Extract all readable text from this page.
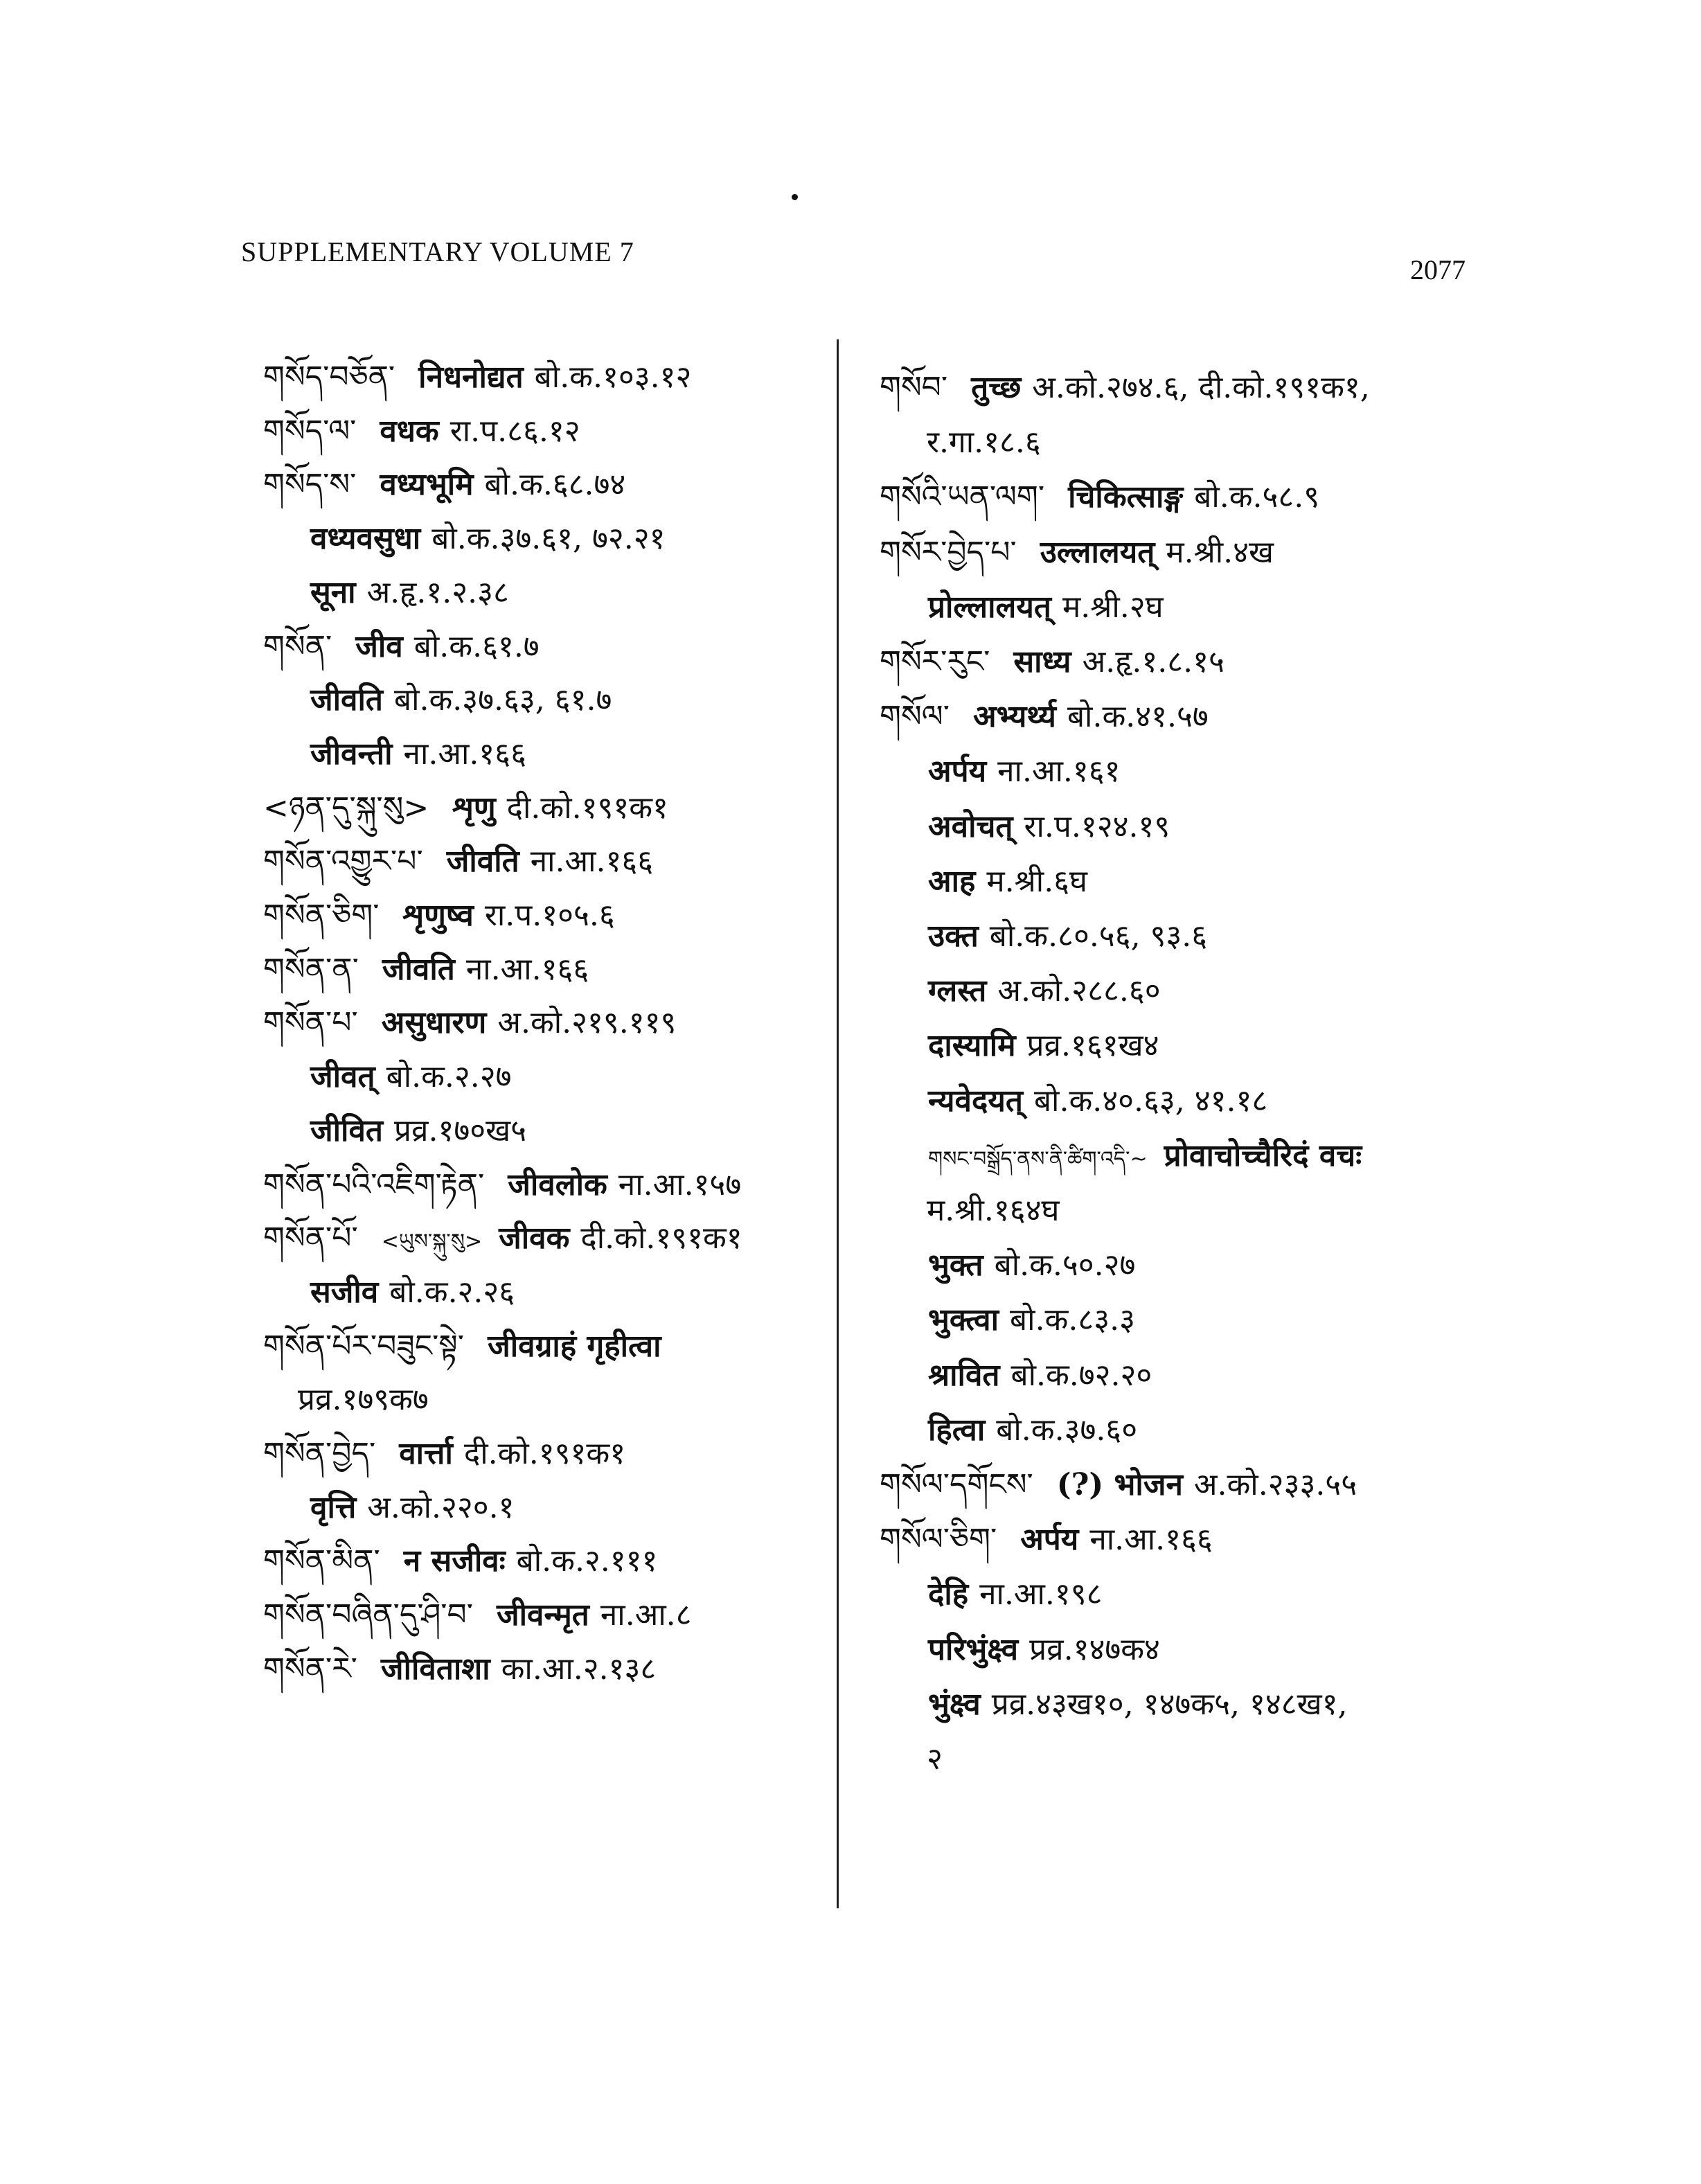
SUPPLEMENTARY VOLUME 7
2077
གསོད་བཅོན་ निधनोद्यत बो.क.१०३.१२
གསོད་ལ་ वधक रा.प.८६.१२
གསོད་ས་ वध्यभूमि बो.क.६८.७४
वध्यवसुधा बो.क.३७.६१, ७२.२१
सूना अ.हृ.१.२.३८
གསོན་ जीव बो.क.६१.७
जीवति बो.क.३७.६३, ६१.७
जीवन्ती ना.आ.१६६
<ཉན་དུ་སྐུ་སུ> शृणु दी.को.१९१क१
གསོན་འགྱུར་པ་ जीवति ना.आ.१६६
གསོན་ཅིག་ शृणुष्व रा.प.१०५.६
གསོན་ན་ जीवति ना.आ.१६६
གསོན་པ་ असुधारण अ.को.२१९.११९
जीवत् बो.क.२.२७
जीवित प्रव्र.१७०ख५
གསོན་པའི་འཇིག་རྟེན་ जीवलोक ना.आ.१५७
གསོན་པོ་ <ཡུས་སྐུ་སུ> जीवक दी.को.१९१क१
सजीव बो.क.२.२६
གསོན་པོར་བཟུང་སྟེ་ जीवग्राहं गृहीत्वा
प्रव्र.१७९क७
གསོན་བྱེད་ वार्त्ता दी.को.१९१क१
वृत्ति अ.को.२२०.१
གསོན་མིན་ न सजीवः बो.क.२.१११
གསོན་བཞིན་དུ་ཤི་བ་ जीवन्मृत ना.आ.८
གསོན་རེ་ जीविताशा का.आ.२.१३८
གསོབ་ तुच्छ अ.को.२७४.६, दी.को.१९१क१,
र.गा.१८.६
གསོའི་ཡན་ལག་ चिकित्साङ्ग बो.क.५८.९
གསོར་བྱེད་པ་ उल्लालयत् म.श्री.४ख
प्रोल्लालयत् म.श्री.२घ
གསོར་རུང་ साध्य अ.हृ.१.८.१५
གསོལ་ अभ्यर्थ्य बो.क.४१.५७
अर्पय ना.आ.१६१
अवोचत् रा.प.१२४.१९
आह म.श्री.६घ
उक्त बो.क.८०.५६, ९३.६
ग्लस्त अ.को.२८८.६०
दास्यामि प्रव्र.१६१ख४
न्यवेदयत् बो.क.४०.६३, ४१.१८
གསང་བསྒྲོད་ནས་ནི་ཚིག་འདི་~ प्रोवाचोच्चैरिदं वचः
म.श्री.१६४घ
भुक्त बो.क.५०.२७
भुक्त्वा बो.क.८३.३
श्रावित बो.क.७२.२०
हित्वा बो.क.३७.६०
གསོལ་དགོངས་ (?) भोजन अ.को.२३३.५५
གསོལ་ཅིག་ अर्पय ना.आ.१६६
देहि ना.आ.१९८
परिभुंक्ष्व प्रव्र.१४७क४
भुंक्ष्व प्रव्र.४३ख१०, १४७क५, १४८ख१,
२
